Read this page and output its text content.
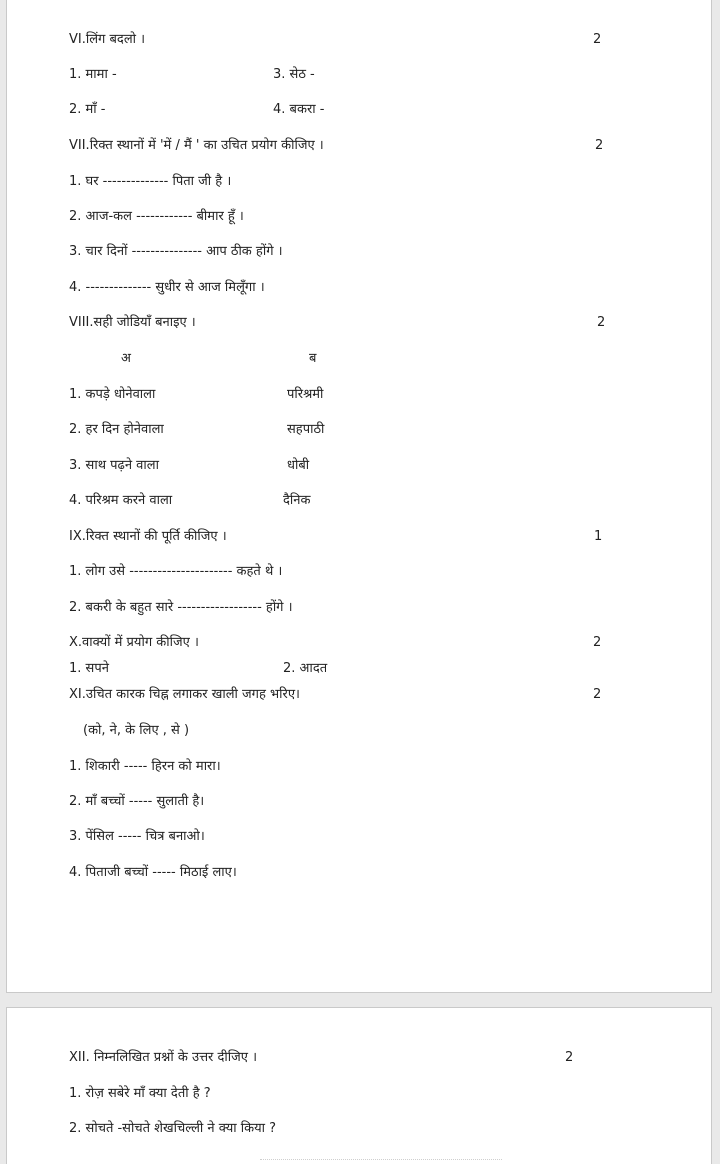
VI.लिंग बदलो ।	2
1. मामा -	3. सेठ -
2. माँ -	4. बकरा -
VII.रिक्त स्थानों में 'में / मैं ' का उचित प्रयोग कीजिए ।	2
1. घर -------------- पिता जी है ।
2. आज-कल ------------ बीमार हूँ ।
3. चार दिनों --------------- आप ठीक होंगे ।
4. -------------- सुधीर से आज मिलूँगा ।
VIII.सही जोडियाँ बनाइए ।	2
अ	ब
1. कपड़े धोनेवाला	परिश्रमी
2. हर दिन होनेवाला	सहपाठी
3. साथ पढ़ने वाला	धोबी
4. परिश्रम करने वाला	दैनिक
IX.रिक्त स्थानों की पूर्ति कीजिए ।	1
1. लोग उसे ---------------------- कहते थे ।
2. बकरी के बहुत सारे ------------------ होंगे ।
X.वाक्यों में प्रयोग कीजिए ।	2
1. सपने	2. आदत
XI.उचित कारक चिह्न लगाकर खाली जगह भरिए।	2
(को, ने, के लिए , से )
1. शिकारी ----- हिरन को मारा।
2. माँ बच्चों ----- सुलाती है।
3. पेंसिल ----- चित्र बनाओ।
4. पिताजी बच्चों ----- मिठाई लाए।
XII. निम्नलिखित प्रश्नों के उत्तर दीजिए ।	2
1. रोज़ सबेरे माँ क्या देती है ?
2. सोचते -सोचते शेखचिल्ली ने क्या किया ?
